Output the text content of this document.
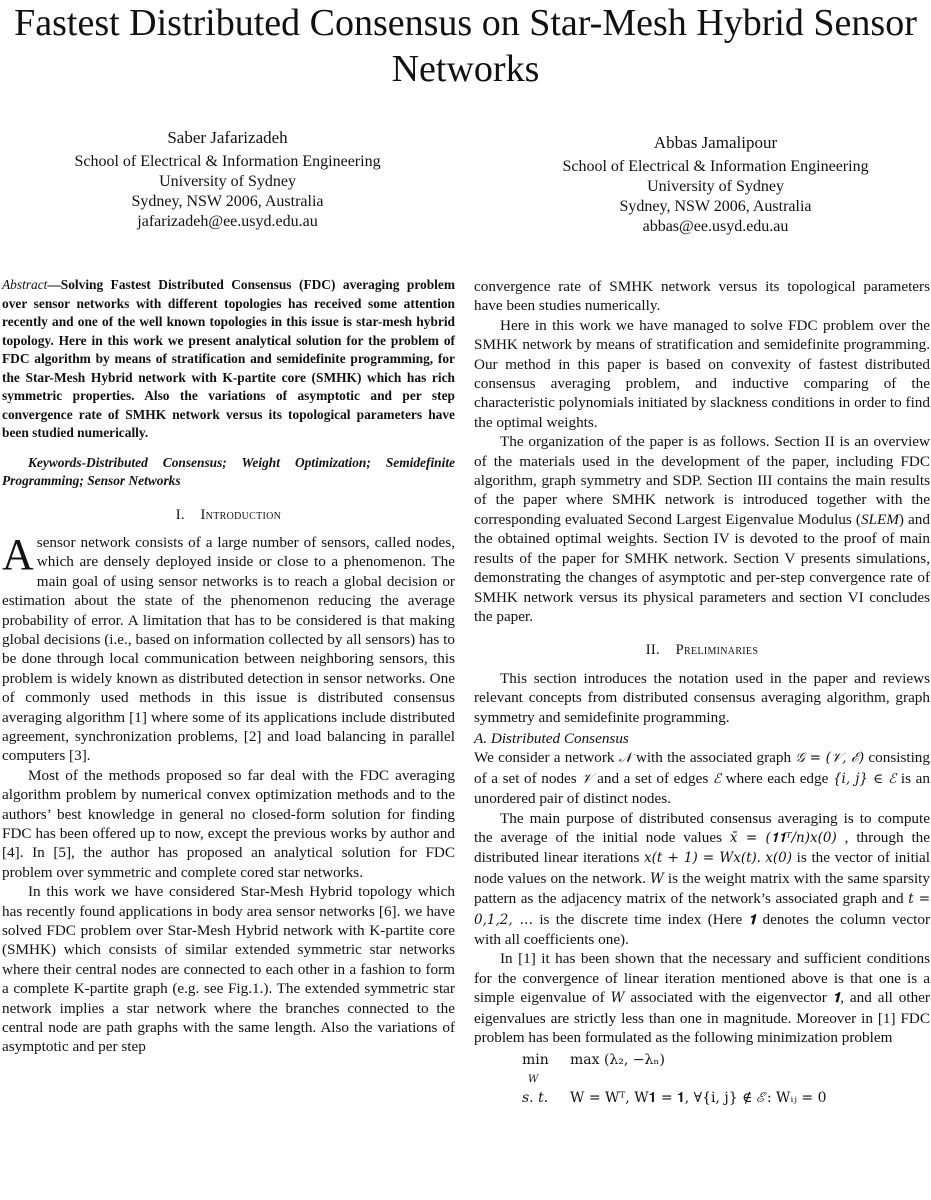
Fastest Distributed Consensus on Star-Mesh Hybrid Sensor Networks
Saber Jafarizadeh
School of Electrical & Information Engineering
University of Sydney
Sydney, NSW 2006, Australia
jafarizadeh@ee.usyd.edu.au
Abbas Jamalipour
School of Electrical & Information Engineering
University of Sydney
Sydney, NSW 2006, Australia
abbas@ee.usyd.edu.au

Abstract—Solving Fastest Distributed Consensus (FDC) averaging problem over sensor networks with different topologies has received some attention recently and one of the well known topologies in this issue is star-mesh hybrid topology. Here in this work we present analytical solution for the problem of FDC algorithm by means of stratification and semidefinite programming, for the Star-Mesh Hybrid network with K-partite core (SMHK) which has rich symmetric properties. Also the variations of asymptotic and per step convergence rate of SMHK network versus its topological parameters have been studied numerically.

Keywords-Distributed Consensus; Weight Optimization; Semidefinite Programming; Sensor Networks

I. Introduction

A sensor network consists of a large number of sensors, called nodes, which are densely deployed inside or close to a phenomenon. The main goal of using sensor networks is to reach a global decision or estimation about the state of the phenomenon reducing the average probability of error. A limitation that has to be considered is that making global decisions (i.e., based on information collected by all sensors) has to be done through local communication between neighboring sensors, this problem is widely known as distributed detection in sensor networks. One of commonly used methods in this issue is distributed consensus averaging algorithm [1] where some of its applications include distributed agreement, synchronization problems, [2] and load balancing in parallel computers [3].

Most of the methods proposed so far deal with the FDC averaging algorithm problem by numerical convex optimization methods and to the authors’ best knowledge in general no closed-form solution for finding FDC has been offered up to now, except the previous works by author and [4]. In [5], the author has proposed an analytical solution for FDC problem over symmetric and complete cored star networks.

In this work we have considered Star-Mesh Hybrid topology which has recently found applications in body area sensor networks [6]. we have solved FDC problem over Star-Mesh Hybrid network with K-partite core (SMHK) which consists of similar extended symmetric star networks where their central nodes are connected to each other in a fashion to form a complete K-partite graph (e.g. see Fig.1.). The extended symmetric star network implies a star network where the branches connected to the central node are path graphs with the same length. Also the variations of asymptotic and per step

convergence rate of SMHK network versus its topological parameters have been studies numerically.

Here in this work we have managed to solve FDC problem over the SMHK network by means of stratification and semidefinite programming. Our method in this paper is based on convexity of fastest distributed consensus averaging problem, and inductive comparing of the characteristic polynomials initiated by slackness conditions in order to find the optimal weights.

The organization of the paper is as follows. Section II is an overview of the materials used in the development of the paper, including FDC algorithm, graph symmetry and SDP. Section III contains the main results of the paper where SMHK network is introduced together with the corresponding evaluated Second Largest Eigenvalue Modulus (SLEM) and the obtained optimal weights. Section IV is devoted to the proof of main results of the paper for SMHK network. Section V presents simulations, demonstrating the changes of asymptotic and per-step convergence rate of SMHK network versus its physical parameters and section VI concludes the paper.

II. Preliminaries

This section introduces the notation used in the paper and reviews relevant concepts from distributed consensus averaging algorithm, graph symmetry and semidefinite programming.

A. Distributed Consensus

We consider a network 𝒩 with the associated graph 𝒢 = (𝒱, ℰ) consisting of a set of nodes 𝒱 and a set of edges ℰ where each edge {i, j} ∈ ℰ is an unordered pair of distinct nodes.

The main purpose of distributed consensus averaging is to compute the average of the initial node values x̄ = (𝟏𝟏ᵀ/n)x(0) , through the distributed linear iterations x(t + 1) = Wx(t). x(0) is the vector of initial node values on the network. W is the weight matrix with the same sparsity pattern as the adjacency matrix of the network’s associated graph and t = 0,1,2, … is the discrete time index (Here 𝟏 denotes the column vector with all coefficients one).

In [1] it has been shown that the necessary and sufficient conditions for the convergence of linear iteration mentioned above is that one is a simple eigenvalue of W associated with the eigenvector 𝟏, and all other eigenvalues are strictly less than one in magnitude. Moreover in [1] FDC problem has been formulated as the following minimization problem

min
W
max (λ₂, −λₙ)
s. t.	W = Wᵀ, W𝟏 = 𝟏, ∀{i, j} ∉ ℰ: Wᵢⱼ = 0
